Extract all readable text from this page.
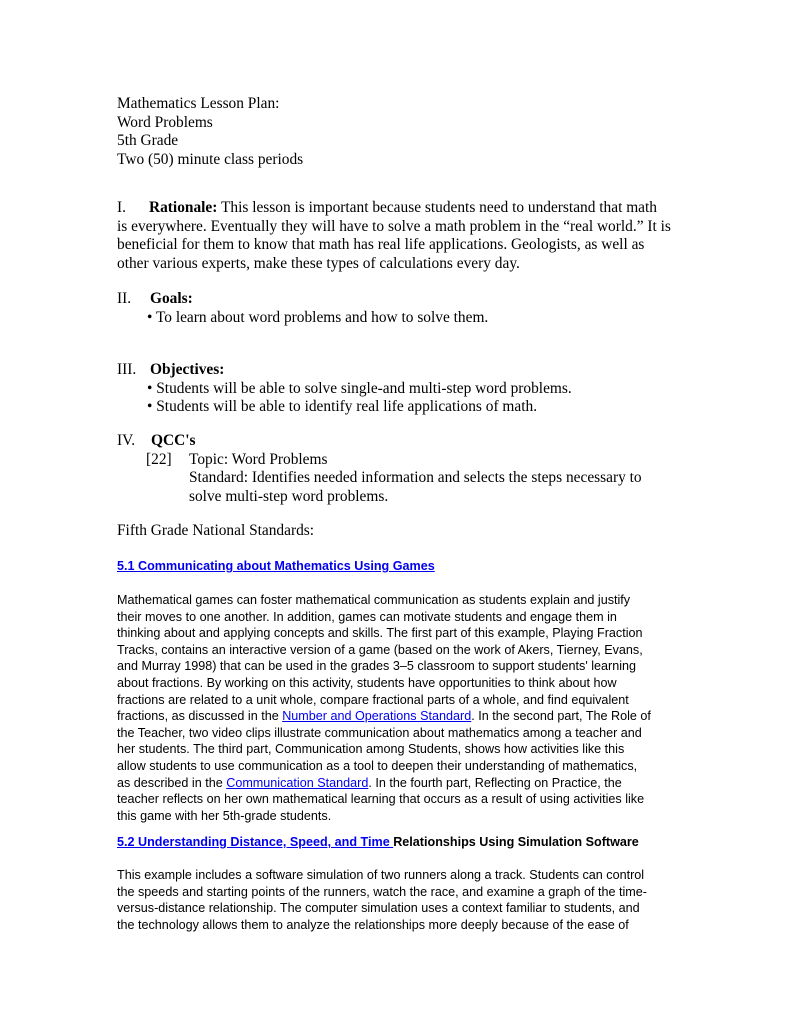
Mathematics Lesson Plan:
Word Problems
5th Grade
Two (50) minute class periods
I. Rationale: This lesson is important because students need to understand that math
is everywhere. Eventually they will have to solve a math problem in the “real world.” It is
beneficial for them to know that math has real life applications. Geologists, as well as
other various experts, make these types of calculations every day.
II. Goals:
• To learn about word problems and how to solve them.
III. Objectives:
• Students will be able to solve single-and multi-step word problems.
• Students will be able to identify real life applications of math.
IV. QCC's
[22] Topic: Word Problems
Standard: Identifies needed information and selects the steps necessary to
solve multi-step word problems.
Fifth Grade National Standards:
5.1 Communicating about Mathematics Using Games
Mathematical games can foster mathematical communication as students explain and justify
their moves to one another. In addition, games can motivate students and engage them in
thinking about and applying concepts and skills. The first part of this example, Playing Fraction
Tracks, contains an interactive version of a game (based on the work of Akers, Tierney, Evans,
and Murray 1998) that can be used in the grades 3–5 classroom to support students' learning
about fractions. By working on this activity, students have opportunities to think about how
fractions are related to a unit whole, compare fractional parts of a whole, and find equivalent
fractions, as discussed in the Number and Operations Standard. In the second part, The Role of
the Teacher, two video clips illustrate communication about mathematics among a teacher and
her students. The third part, Communication among Students, shows how activities like this
allow students to use communication as a tool to deepen their understanding of mathematics,
as described in the Communication Standard. In the fourth part, Reflecting on Practice, the
teacher reflects on her own mathematical learning that occurs as a result of using activities like
this game with her 5th-grade students.
5.2 Understanding Distance, Speed, and Time Relationships Using Simulation Software
This example includes a software simulation of two runners along a track. Students can control
the speeds and starting points of the runners, watch the race, and examine a graph of the time-
versus-distance relationship. The computer simulation uses a context familiar to students, and
the technology allows them to analyze the relationships more deeply because of the ease of
